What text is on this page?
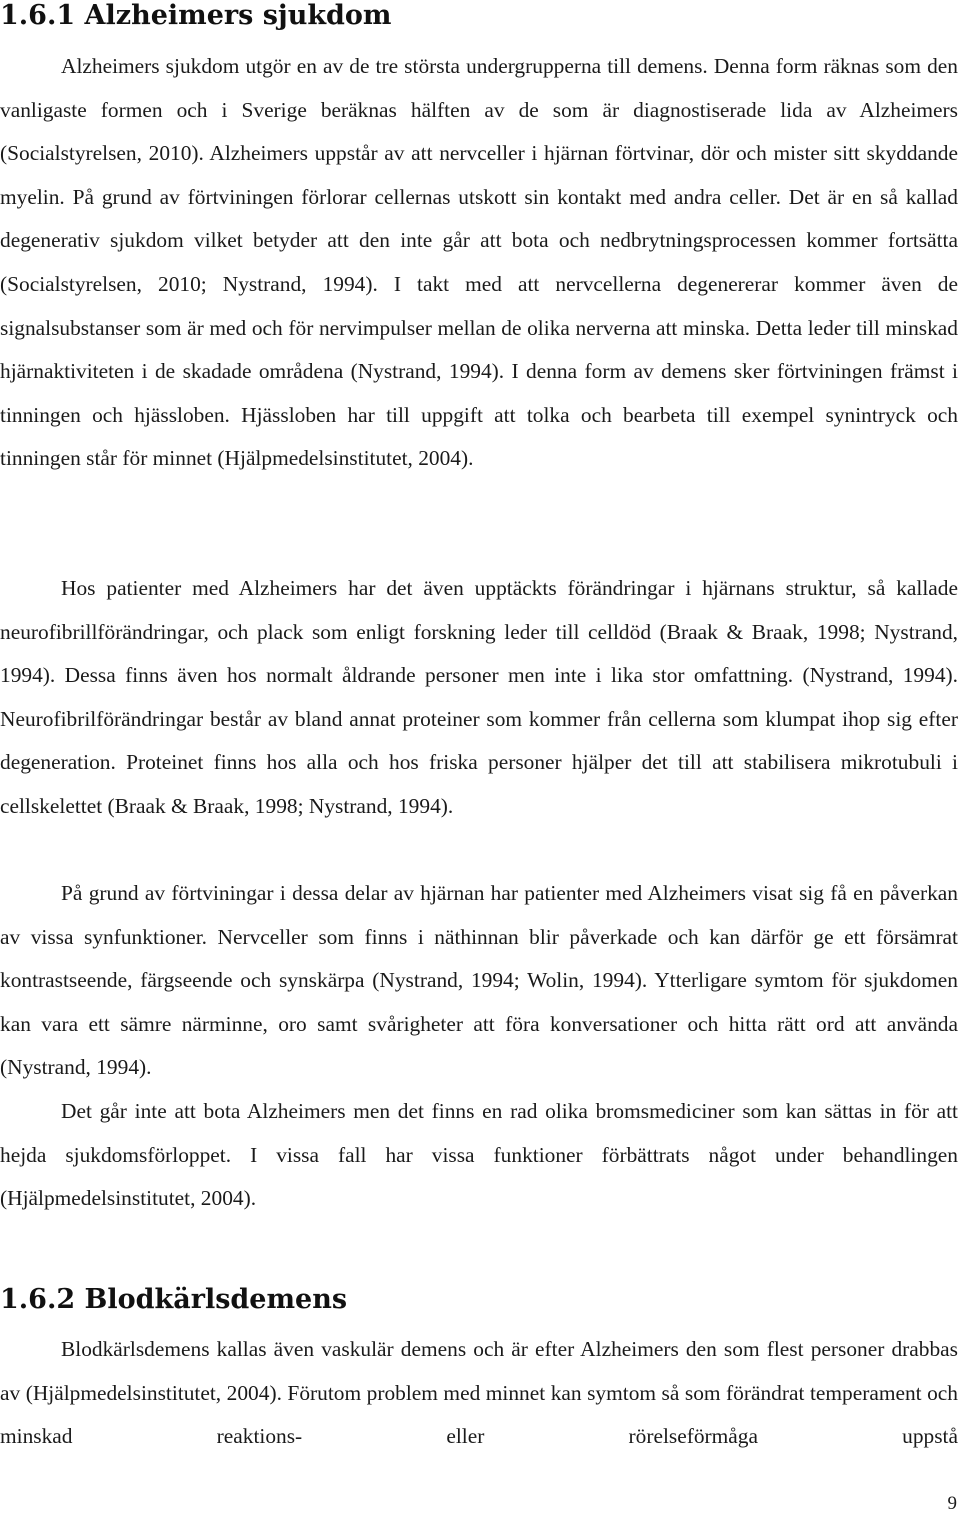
1.6.1 Alzheimers sjukdom

Alzheimers sjukdom utgör en av de tre största undergrupperna till demens. Denna form räknas som den vanligaste formen och i Sverige beräknas hälften av de som är diagnostiserade lida av Alzheimers (Socialstyrelsen, 2010). Alzheimers uppstår av att nervceller i hjärnan förtvinar, dör och mister sitt skyddande myelin. På grund av förtviningen förlorar cellernas utskott sin kontakt med andra celler. Det är en så kallad degenerativ sjukdom vilket betyder att den inte går att bota och nedbrytningsprocessen kommer fortsätta (Socialstyrelsen, 2010; Nystrand, 1994). I takt med att nervcellerna degenererar kommer även de signalsubstanser som är med och för nervimpulser mellan de olika nerverna att minska. Detta leder till minskad hjärnaktiviteten i de skadade områdena (Nystrand, 1994). I denna form av demens sker förtviningen främst i tinningen och hjässloben. Hjässloben har till uppgift att tolka och bearbeta till exempel synintryck och tinningen står för minnet (Hjälpmedelsinstitutet, 2004).

Hos patienter med Alzheimers har det även upptäckts förändringar i hjärnans struktur, så kallade neurofibrillförändringar, och plack som enligt forskning leder till celldöd (Braak & Braak, 1998; Nystrand, 1994). Dessa finns även hos normalt åldrande personer men inte i lika stor omfattning. (Nystrand, 1994). Neurofibrilförändringar består av bland annat proteiner som kommer från cellerna som klumpat ihop sig efter degeneration. Proteinet finns hos alla och hos friska personer hjälper det till att stabilisera mikrotubuli i cellskelettet (Braak & Braak, 1998; Nystrand, 1994).

På grund av förtviningar i dessa delar av hjärnan har patienter med Alzheimers visat sig få en påverkan av vissa synfunktioner. Nervceller som finns i näthinnan blir påverkade och kan därför ge ett försämrat kontrastseende, färgseende och synskärpa (Nystrand, 1994; Wolin, 1994). Ytterligare symtom för sjukdomen kan vara ett sämre närminne, oro samt svårigheter att föra konversationer och hitta rätt ord att använda (Nystrand, 1994).

Det går inte att bota Alzheimers men det finns en rad olika bromsmediciner som kan sättas in för att hejda sjukdomsförloppet. I vissa fall har vissa funktioner förbättrats något under behandlingen (Hjälpmedelsinstitutet, 2004).

1.6.2 Blodkärlsdemens

Blodkärlsdemens kallas även vaskulär demens och är efter Alzheimers den som flest personer drabbas av (Hjälpmedelsinstitutet, 2004). Förutom problem med minnet kan symtom så som förändrat temperament och minskad reaktions- eller rörelseförmåga uppstå

9
